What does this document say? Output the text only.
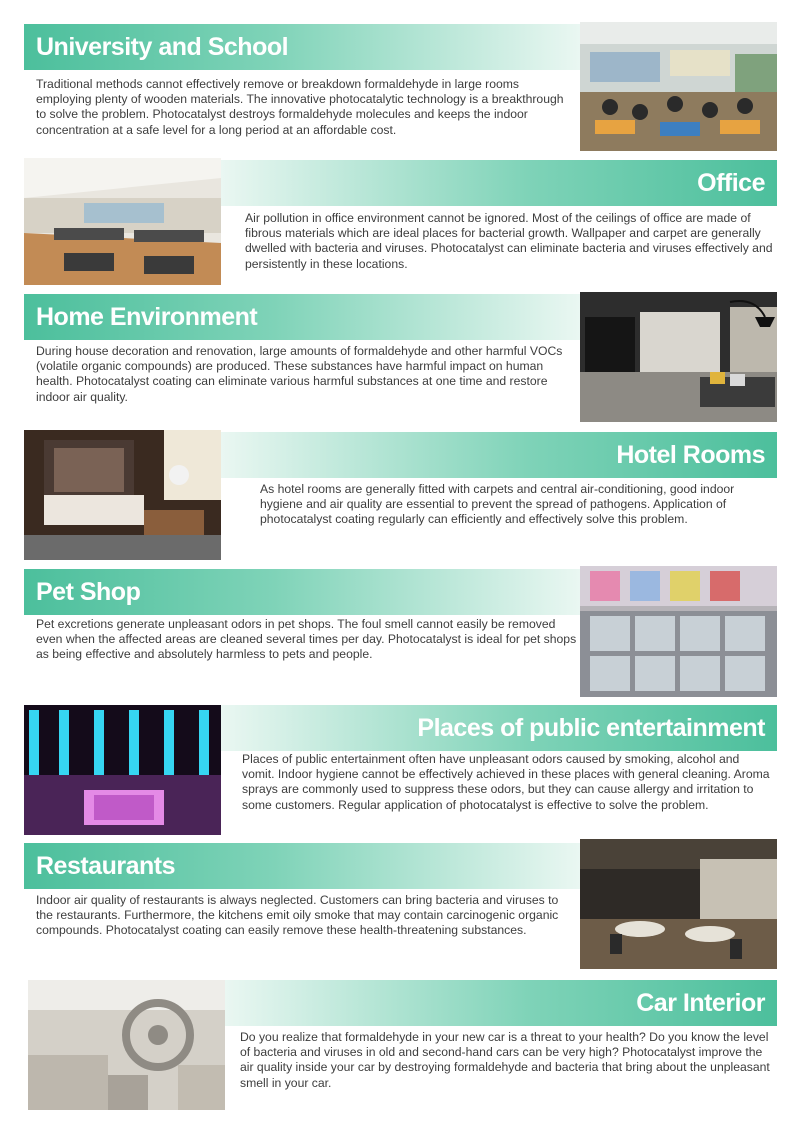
University and School
Traditional methods cannot effectively remove or breakdown formaldehyde in large rooms employing plenty of wooden materials. The innovative photocatalytic technology is a breakthrough to solve the problem. Photocatalyst destroys formaldehyde molecules and keeps the indoor concentration at a safe level for a long period at an affordable cost.
Office
Air pollution in office environment cannot be ignored. Most of the ceilings of office are made of fibrous materials which are ideal places for bacterial growth. Wallpaper and carpet are generally dwelled with bacteria and viruses. Photocatalyst can eliminate bacteria and viruses effectively and persistently in these locations.
Home Environment
During house decoration and renovation, large amounts of formaldehyde and other harmful VOCs (volatile organic compounds) are produced. These substances have harmful impact on human health. Photocatalyst coating can eliminate various harmful substances at one time and restore indoor air quality.
Hotel Rooms
As hotel rooms are generally fitted with carpets and central air-conditioning, good indoor hygiene and air quality are essential to prevent the spread of pathogens. Application of photocatalyst coating regularly can efficiently and effectively solve this problem.
Pet Shop
Pet excretions generate unpleasant odors in pet shops. The foul smell cannot easily be removed even when the affected areas are cleaned several times per day. Photocatalyst is ideal for pet shops as being effective and absolutely harmless to pets and people.
Places of public entertainment
Places of public entertainment often have unpleasant odors caused by smoking, alcohol and vomit. Indoor hygiene cannot be effectively achieved in these places with general cleaning. Aroma sprays are commonly used to suppress these odors, but they can cause allergy and irritation to some customers. Regular application of photocatalyst is effective to solve the problem.
Restaurants
Indoor air quality of restaurants is always neglected. Customers can bring bacteria and viruses to the restaurants. Furthermore, the kitchens emit oily smoke that may contain carcinogenic organic compounds. Photocatalyst coating can easily remove these health-threatening substances.
Car Interior
Do you realize that formaldehyde in your new car is a threat to your health? Do you know the level of bacteria and viruses in old and second-hand cars can be very high? Photocatalyst improve the air quality inside your car by destroying formaldehyde and bacteria that bring about the unpleasant smell in your car.
